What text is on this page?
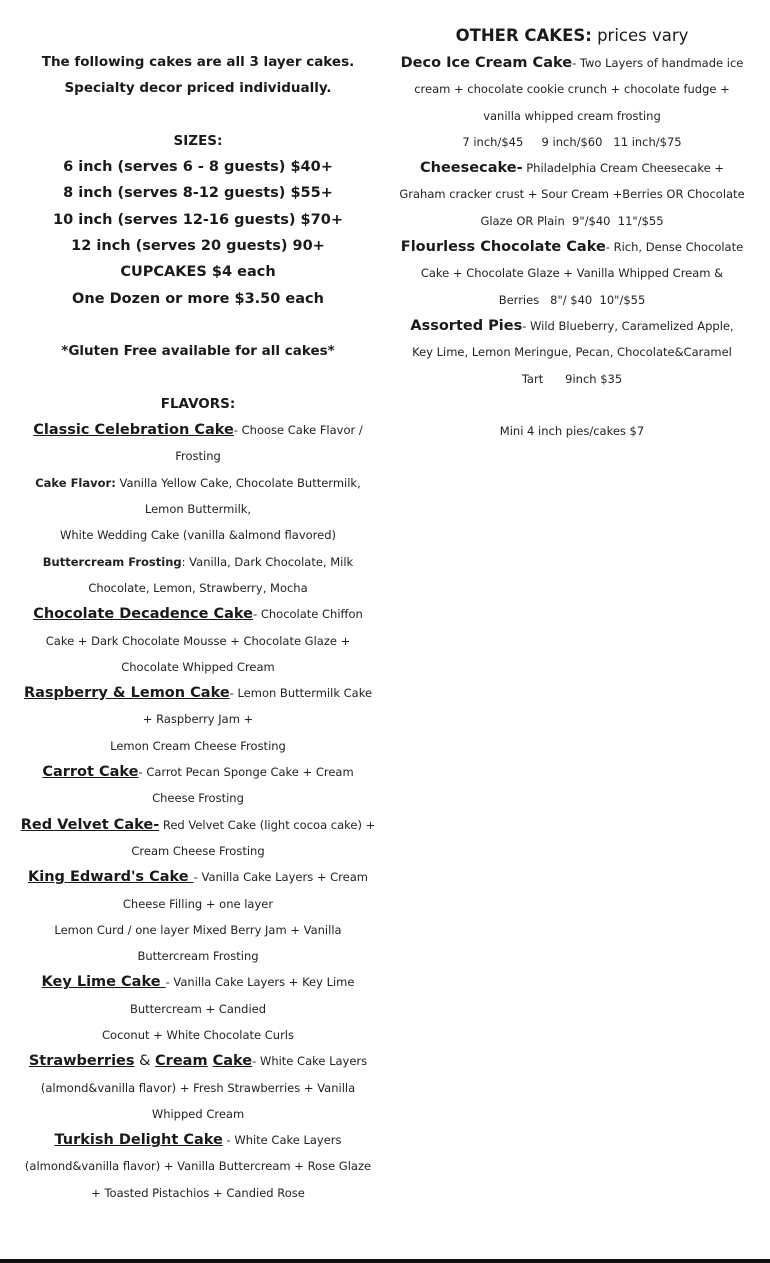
The following cakes are all 3 layer cakes.
Specialty decor priced individually.
SIZES:
6 inch (serves 6 - 8 guests) $40+
8 inch (serves 8-12 guests) $55+
10 inch (serves 12-16 guests) $70+
12 inch (serves 20 guests) 90+
CUPCAKES $4 each
One Dozen or more $3.50 each
*Gluten Free available for all cakes*
FLAVORS:
Classic Celebration Cake- Choose Cake Flavor /
Frosting
Cake Flavor: Vanilla Yellow Cake, Chocolate Buttermilk,
Lemon Buttermilk,
White Wedding Cake (vanilla &almond flavored)
Buttercream Frosting: Vanilla, Dark Chocolate, Milk
Chocolate, Lemon, Strawberry, Mocha
Chocolate Decadence Cake- Chocolate Chiffon
Cake + Dark Chocolate Mousse + Chocolate Glaze +
Chocolate Whipped Cream
Raspberry & Lemon Cake- Lemon Buttermilk Cake
+ Raspberry Jam +
Lemon Cream Cheese Frosting
Carrot Cake- Carrot Pecan Sponge Cake + Cream
Cheese Frosting
Red Velvet Cake- Red Velvet Cake (light cocoa cake) +
Cream Cheese Frosting
King Edward's Cake - Vanilla Cake Layers + Cream
Cheese Filling + one layer
Lemon Curd / one layer Mixed Berry Jam + Vanilla
Buttercream Frosting
Key Lime Cake - Vanilla Cake Layers + Key Lime
Buttercream + Candied
Coconut + White Chocolate Curls
Strawberries & Cream Cake- White Cake Layers
(almond&vanilla flavor) + Fresh Strawberries + Vanilla
Whipped Cream
Turkish Delight Cake - White Cake Layers
(almond&vanilla flavor) + Vanilla Buttercream + Rose Glaze
+ Toasted Pistachios + Candied Rose
OTHER CAKES: prices vary
Deco Ice Cream Cake- Two Layers of handmade ice
cream + chocolate cookie crunch + chocolate fudge +
vanilla whipped cream frosting
7 inch/$45     9 inch/$60   11 inch/$75
Cheesecake- Philadelphia Cream Cheesecake +
Graham cracker crust + Sour Cream +Berries OR Chocolate
Glaze OR Plain  9"/$40  11"/$55
Flourless Chocolate Cake- Rich, Dense Chocolate
Cake + Chocolate Glaze + Vanilla Whipped Cream &
Berries   8"/ $40  10"/$55
Assorted Pies- Wild Blueberry, Caramelized Apple,
Key Lime, Lemon Meringue, Pecan, Chocolate&Caramel
Tart      9inch $35
Mini 4 inch pies/cakes $7
